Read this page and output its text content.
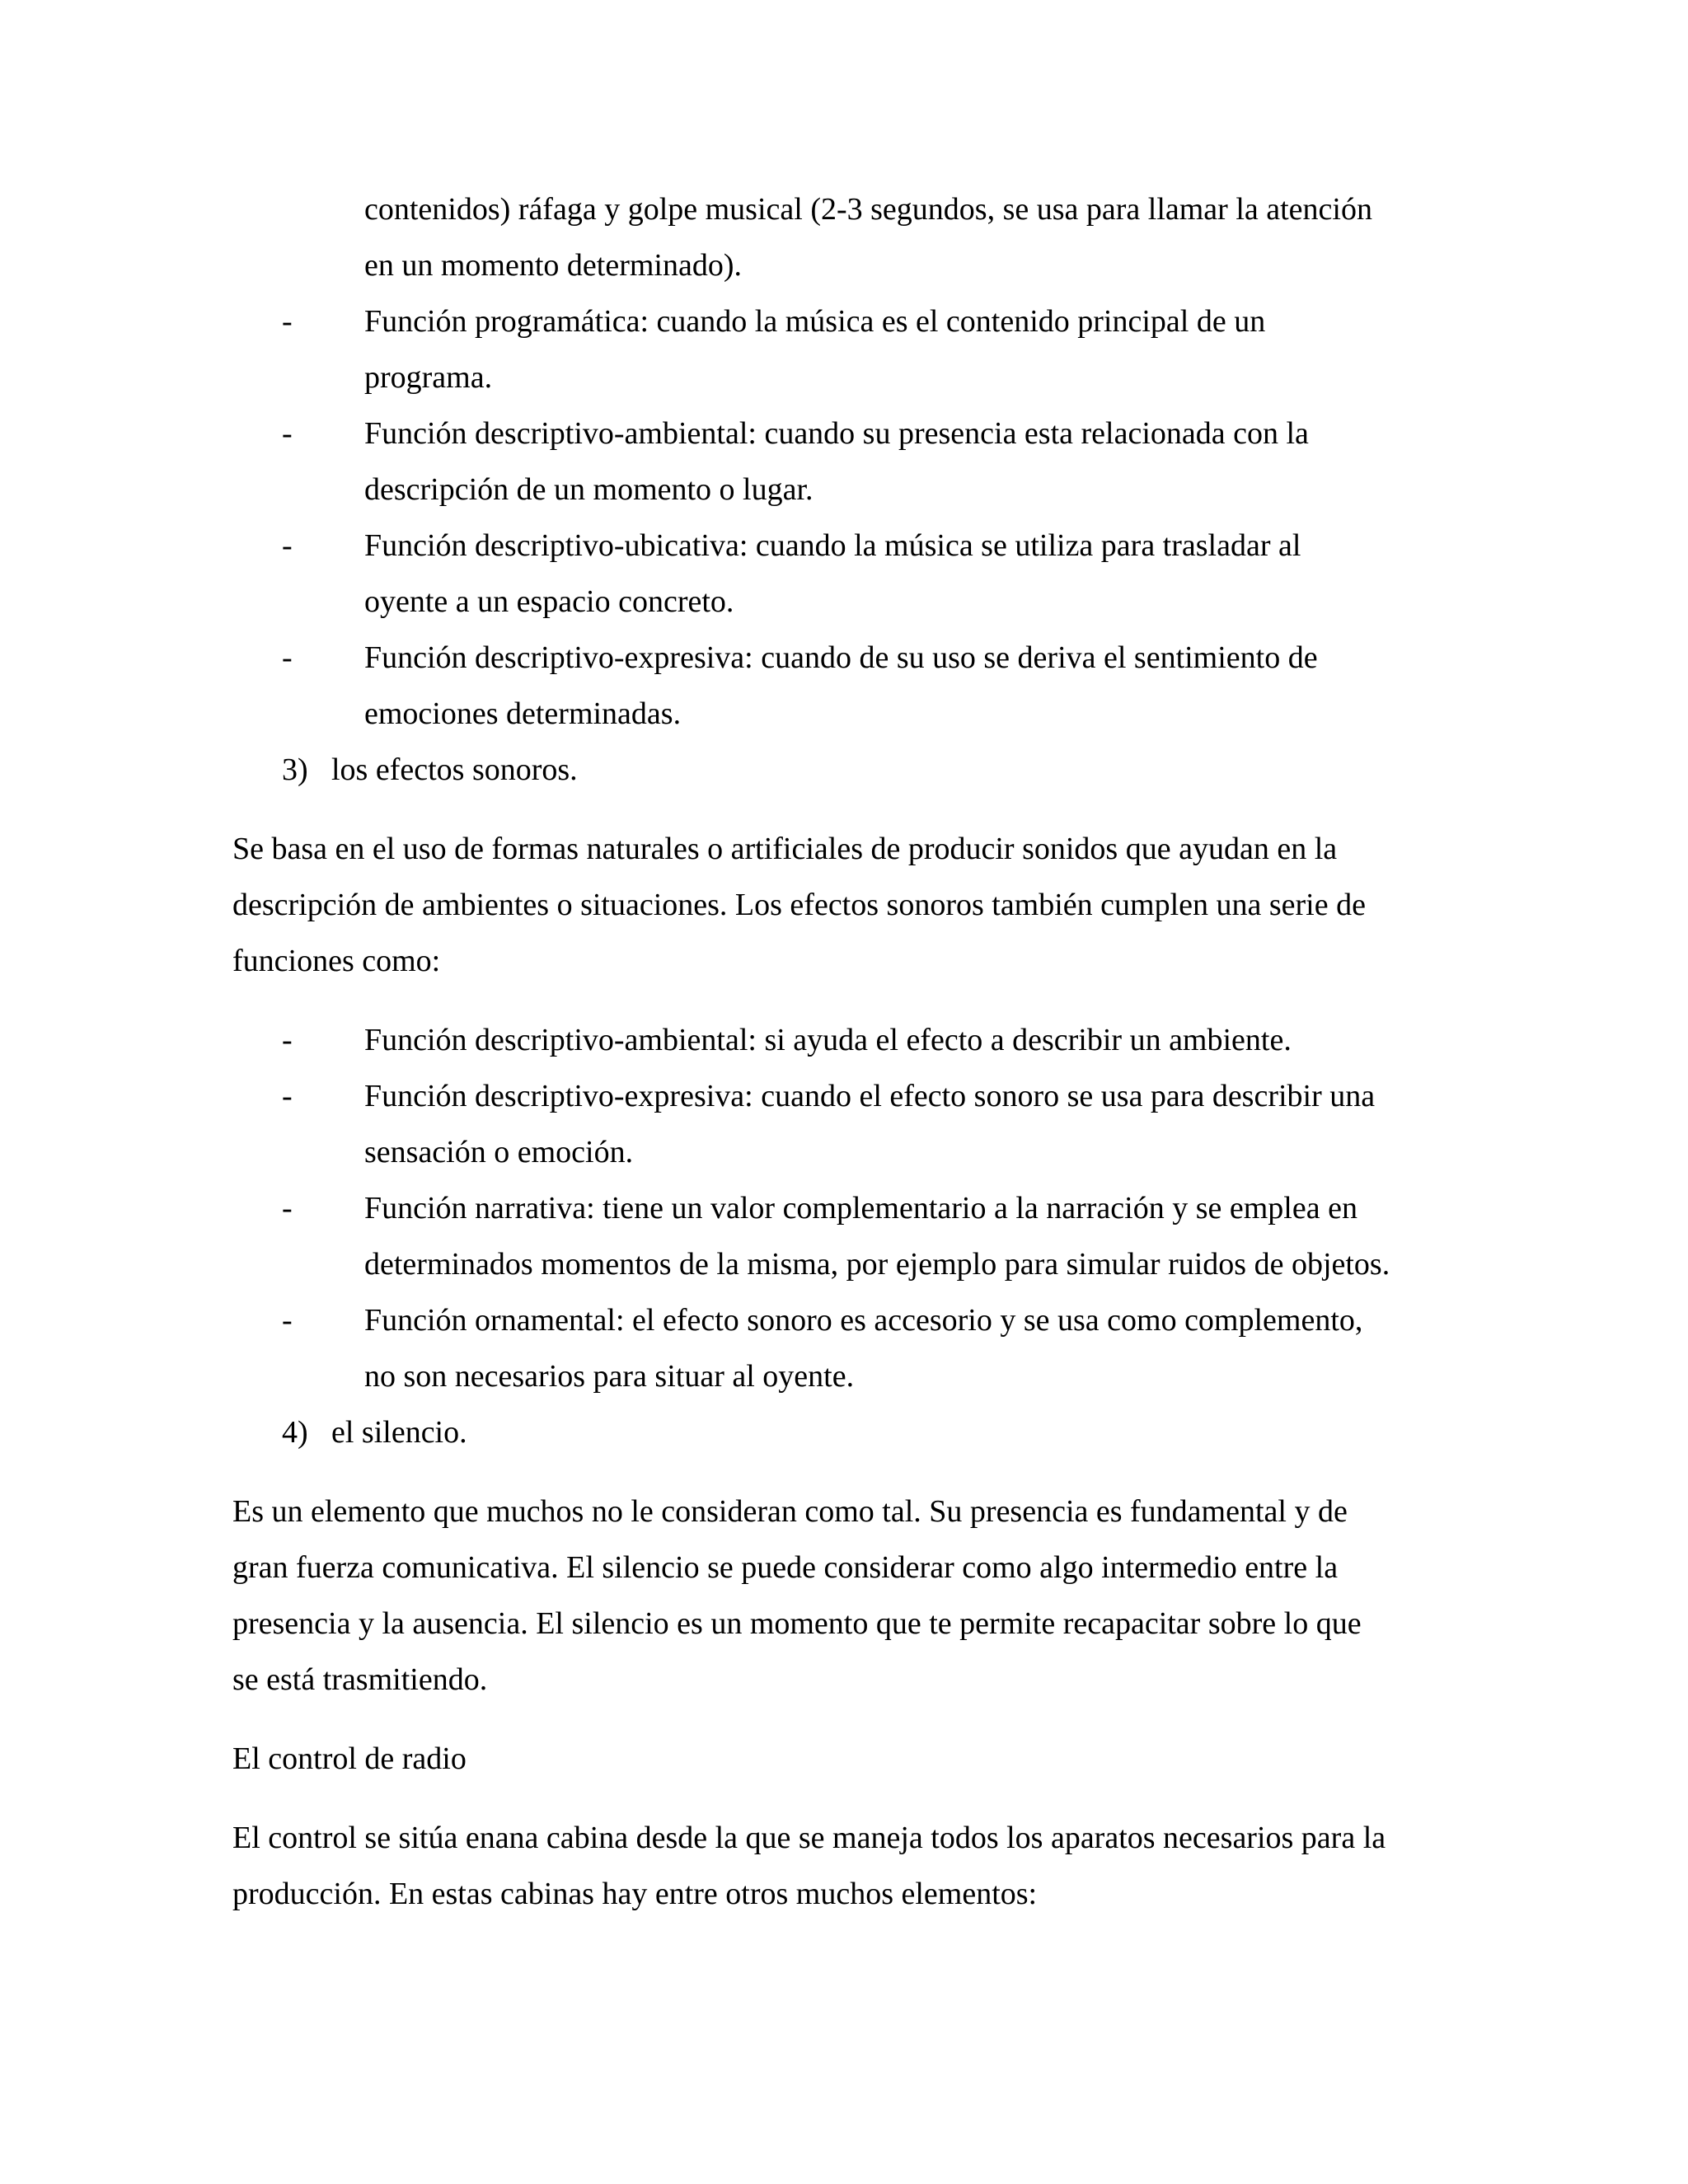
contenidos) ráfaga y golpe musical (2-3 segundos, se usa para llamar la atención

en un momento determinado).

- Función programática: cuando la música es el contenido principal de un

programa.

- Función descriptivo-ambiental: cuando su presencia esta relacionada con la

descripción de un momento o lugar.

- Función descriptivo-ubicativa: cuando la música se utiliza para trasladar al

oyente a un espacio concreto.

- Función descriptivo-expresiva: cuando de su uso se deriva el sentimiento de

emociones determinadas.

3) los efectos sonoros.

Se basa en el uso de formas naturales o artificiales de producir sonidos que ayudan en la

descripción de ambientes o situaciones. Los efectos sonoros también cumplen una serie de

funciones como:

- Función descriptivo-ambiental: si ayuda el efecto a describir un ambiente.

- Función descriptivo-expresiva: cuando el efecto sonoro se usa para describir una

sensación o emoción.

- Función narrativa: tiene un valor complementario a la narración y se emplea en

determinados momentos de la misma, por ejemplo para simular ruidos de objetos.

- Función ornamental: el efecto sonoro es accesorio y se usa como complemento,

no son necesarios para situar al oyente.

4) el silencio.

Es un elemento que muchos no le consideran como tal. Su presencia es fundamental y de

gran fuerza comunicativa. El silencio se puede considerar como algo intermedio entre la

presencia y la ausencia. El silencio es un momento que te permite recapacitar sobre lo que

se está trasmitiendo.

El control de radio

El control se sitúa enana cabina desde la que se maneja todos los aparatos necesarios para la

producción. En estas cabinas hay entre otros muchos elementos:
